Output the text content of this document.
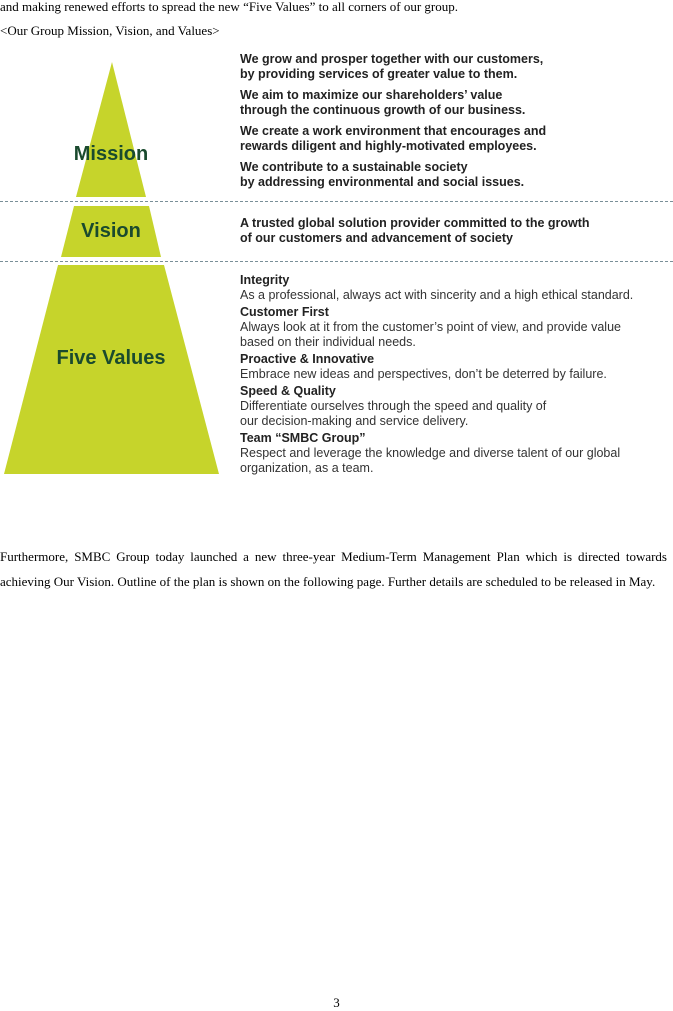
and making renewed efforts to spread the new “Five Values” to all corners of our group.
<Our Group Mission, Vision, and Values>
Mission
Vision
Five Values
We grow and prosper together with our customers,
by providing services of greater value to them.
We aim to maximize our shareholders’ value
through the continuous growth of our business.
We create a work environment that encourages and
rewards diligent and highly-motivated employees.
We contribute to a sustainable society
by addressing environmental and social issues.
A trusted global solution provider committed to the growth
of our customers and advancement of society
Integrity
As a professional, always act with sincerity and a high ethical standard.
Customer First
Always look at it from the customer’s point of view, and provide value
based on their individual needs.
Proactive & Innovative
Embrace new ideas and perspectives, don’t be deterred by failure.
Speed & Quality
Differentiate ourselves through the speed and quality of
our decision-making and service delivery.
Team “SMBC Group”
Respect and leverage the knowledge and diverse talent of our global
organization, as a team.
Furthermore, SMBC Group today launched a new three-year Medium-Term Management Plan which is directed towards achieving Our Vision. Outline of the plan is shown on the following page. Further details are scheduled to be released in May.
3
